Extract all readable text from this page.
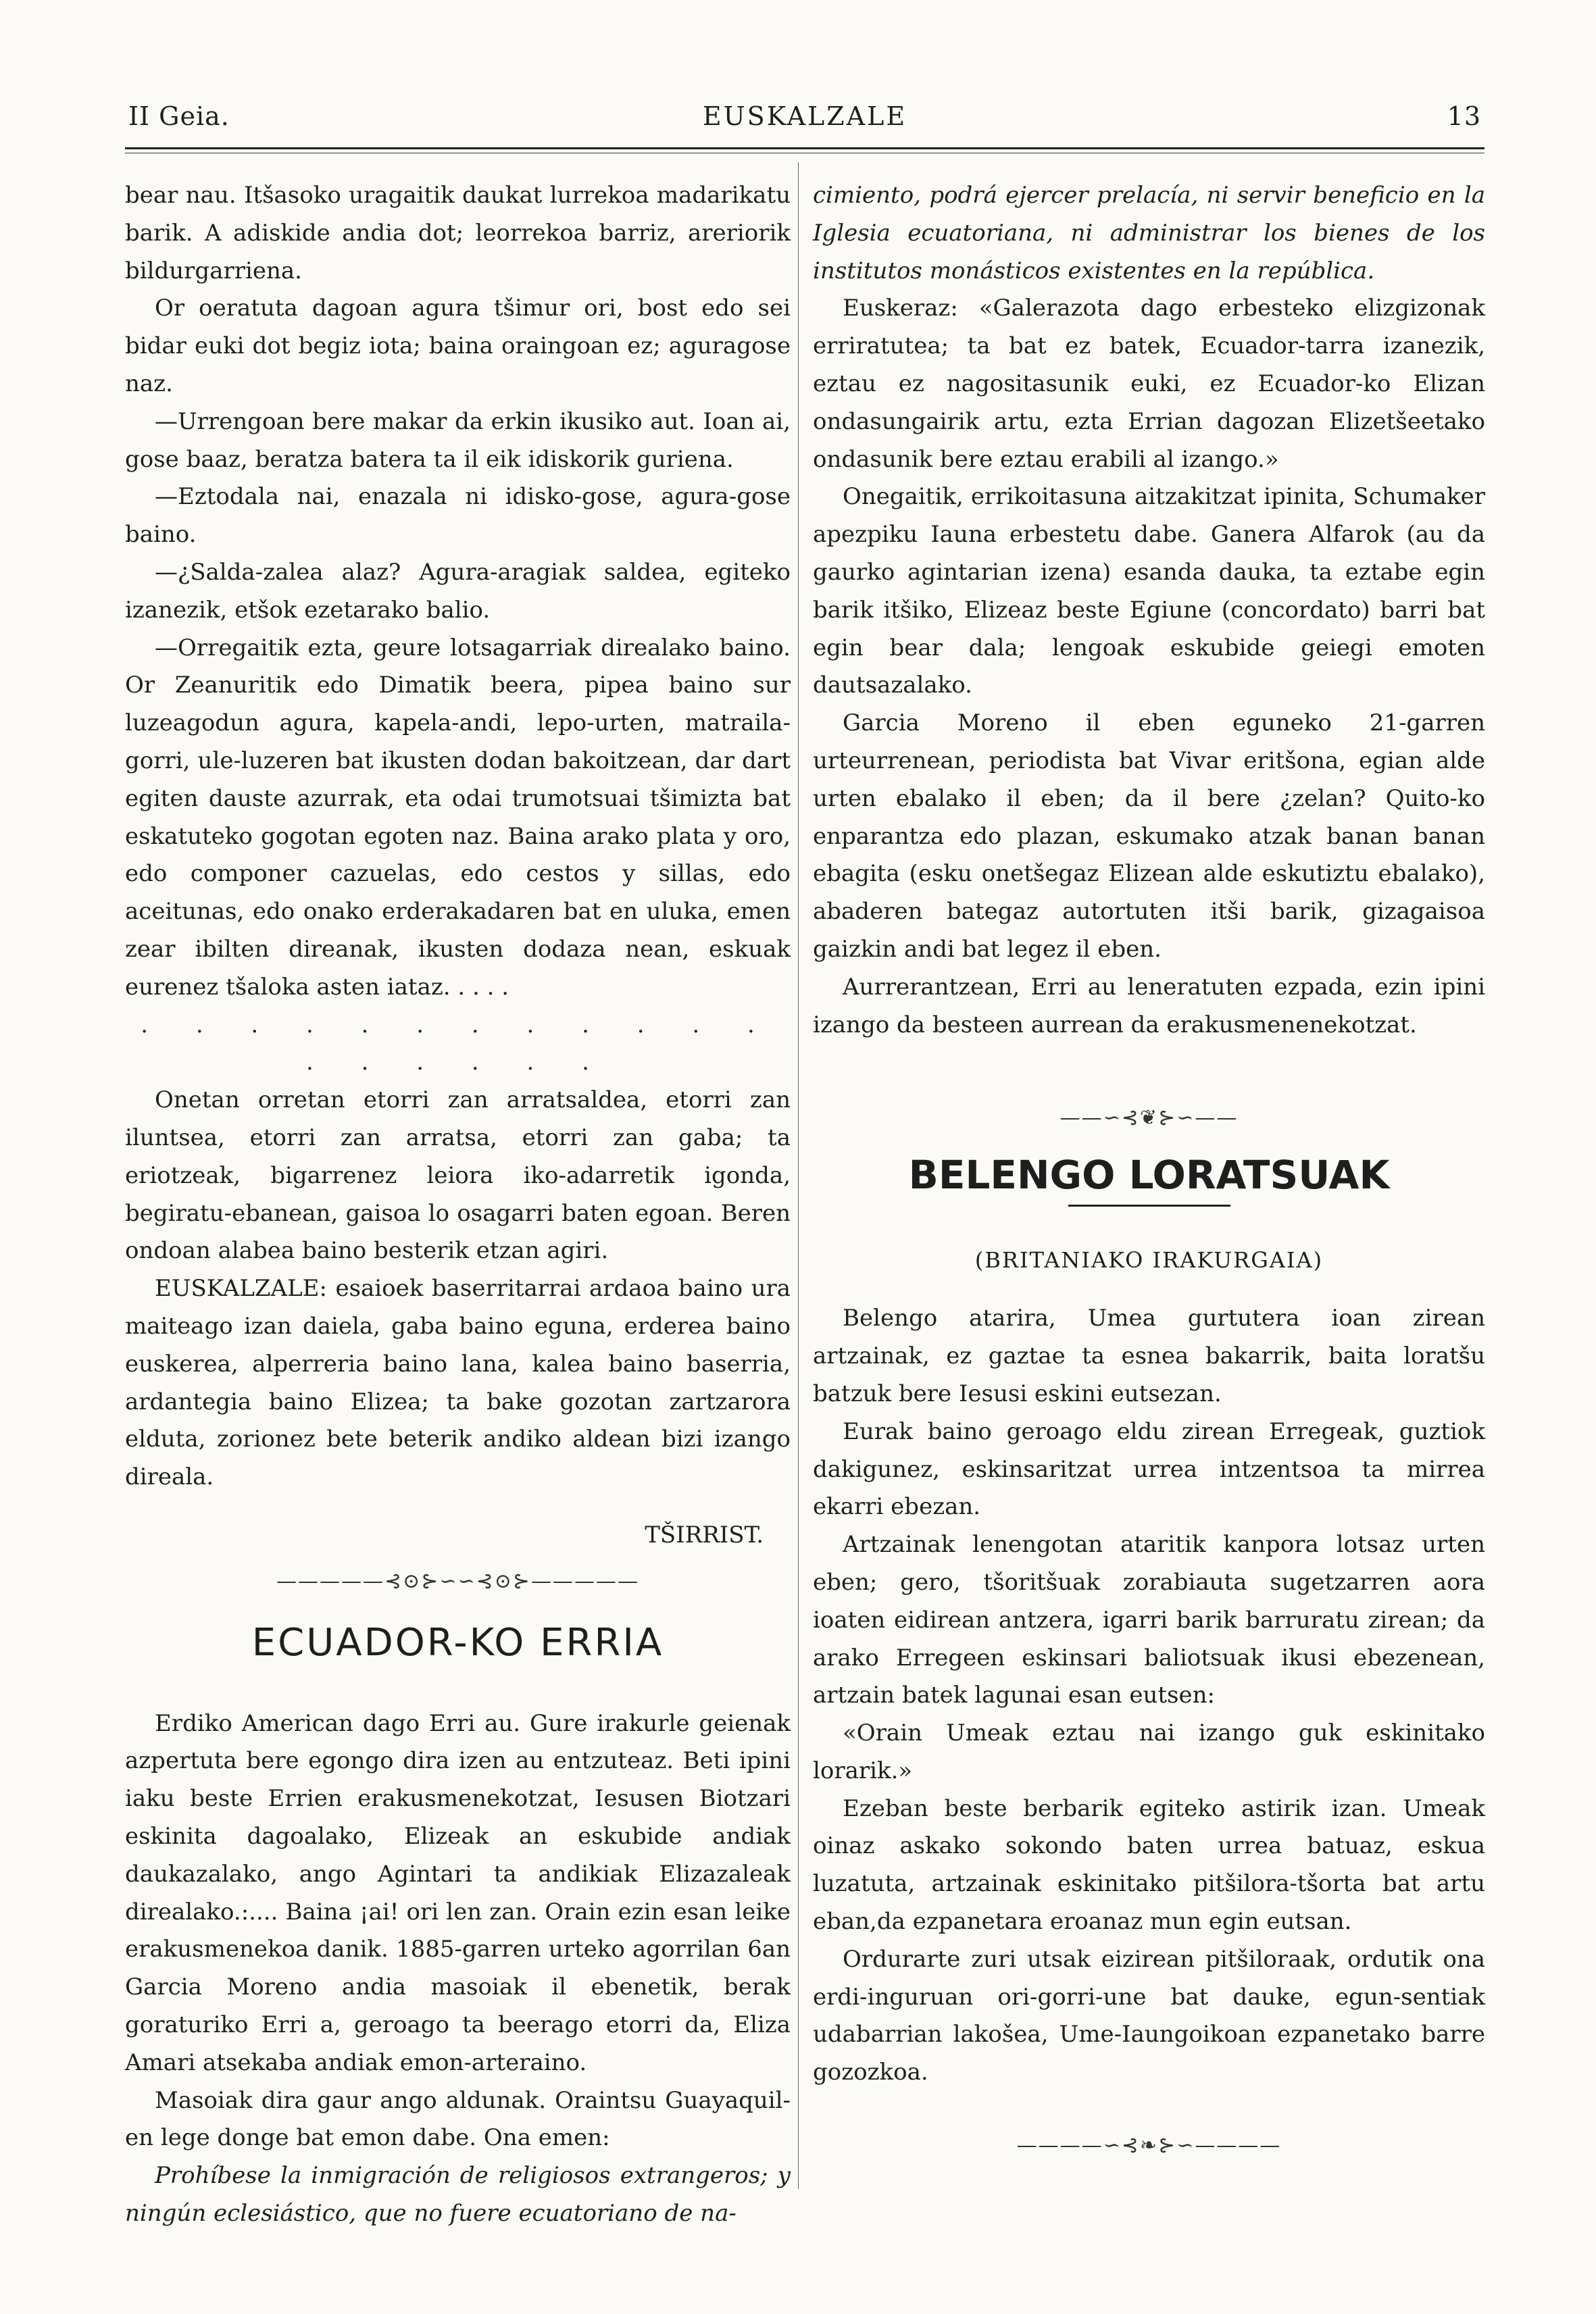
II Geia.	EUSKALZALE	13

bear nau. Itšasoko uragaitik daukat lurrekoa madarikatu barik. A adiskide andia dot; leorrekoa barriz, areriorik bildurgarriena.

Or oeratuta dagoan agura tšimur ori, bost edo sei bidar euki dot begiz iota; baina oraingoan ez; aguragose naz.

—Urrengoan bere makar da erkin ikusiko aut. Ioan ai, gose baaz, beratza batera ta il eik idiskorik guriena.

—Eztodala nai, enazala ni idisko-gose, agura-gose baino.

—¿Salda-zalea alaz? Agura-aragiak saldea, egiteko izanezik, etšok ezetarako balio.

—Orregaitik ezta, geure lotsagarriak direalako baino. Or Zeanuritik edo Dimatik beera, pipea baino sur luzeagodun agura, kapela-andi, lepo-urten, matraila-gorri, ule-luzeren bat ikusten dodan bakoitzean, dar dart egiten dauste azurrak, eta odai trumotsuai tšimizta bat eskatuteko gogotan egoten naz. Baina arako plata y oro, edo componer cazuelas, edo cestos y sillas, edo aceitunas, edo onako erderakadaren bat en uluka, emen zear ibilten direanak, ikusten dodaza nean, eskuak eurenez tšaloka asten iataz. . . . .

. . . . . . . . . . . . . . . . . .

Onetan orretan etorri zan arratsaldea, etorri zan iluntsea, etorri zan arratsa, etorri zan gaba; ta eriotzeak, bigarrenez leiora iko-adarretik igonda, begiratu-ebanean, gaisoa lo osagarri baten egoan. Beren ondoan alabea baino besterik etzan agiri.

EUSKALZALE: esaioek baserritarrai ardaoa baino ura maiteago izan daiela, gaba baino eguna, erderea baino euskerea, alperreria baino lana, kalea baino baserria, ardantegia baino Elizea; ta bake gozotan zartzarora elduta, zorionez bete beterik andiko aldean bizi izango direala.

TŠIRRIST.

—————⊰⊙⊱∽∽⊰⊙⊱—————
ECUADOR-KO ERRIA

Erdiko American dago Erri au. Gure irakurle geienak azpertuta bere egongo dira izen au entzuteaz. Beti ipini iaku beste Errien erakusmenekotzat, Iesusen Biotzari eskinita dagoalako, Elizeak an eskubide andiak daukazalako, ango Agintari ta andikiak Elizazaleak direalako.:.... Baina ¡ai! ori len zan. Orain ezin esan leike erakusmenekoa danik. 1885-garren urteko agorrilan 6an Garcia Moreno andia masoiak il ebenetik, berak goraturiko Erri a, geroago ta beerago etorri da, Eliza Amari atsekaba andiak emon-arteraino.

Masoiak dira gaur ango aldunak. Oraintsu Guayaquil-en lege donge bat emon dabe. Ona emen:

Prohíbese la inmigración de religiosos extrangeros; y ningún eclesiástico, que no fuere ecuatoriano de na-

cimiento, podrá ejercer prelacía, ni servir beneficio en la Iglesia ecuatoriana, ni administrar los bienes de los institutos monásticos existentes en la república.

Euskeraz: «Galerazota dago erbesteko elizgizonak erriratutea; ta bat ez batek, Ecuador-tarra izanezik, eztau ez nagositasunik euki, ez Ecuador-ko Elizan ondasungairik artu, ezta Errian dagozan Elizetšeetako ondasunik bere eztau erabili al izango.»

Onegaitik, errikoitasuna aitzakitzat ipinita, Schumaker apezpiku Iauna erbestetu dabe. Ganera Alfarok (au da gaurko agintarian izena) esanda dauka, ta eztabe egin barik itšiko, Elizeaz beste Egiune (concordato) barri bat egin bear dala; lengoak eskubide geiegi emoten dautsazalako.

Garcia Moreno il eben eguneko 21-garren urteurrenean, periodista bat Vivar eritšona, egian alde urten ebalako il eben; da il bere ¿zelan? Quito-ko enparantza edo plazan, eskumako atzak banan banan ebagita (esku onetšegaz Elizean alde eskutiztu ebalako), abaderen bategaz autortuten itši barik, gizagaisoa gaizkin andi bat legez il eben.

Aurrerantzean, Erri au leneratuten ezpada, ezin ipini izango da besteen aurrean da erakusmenenekotzat.

——∽⊰❦⊱∽——
BELENGO LORATSUAK
(BRITANIAKO IRAKURGAIA)

Belengo atarira, Umea gurtutera ioan zirean artzainak, ez gaztae ta esnea bakarrik, baita loratšu batzuk bere Iesusi eskini eutsezan.

Eurak baino geroago eldu zirean Erregeak, guztiok dakigunez, eskinsaritzat urrea intzentsoa ta mirrea ekarri ebezan.

Artzainak lenengotan ataritik kanpora lotsaz urten eben; gero, tšoritšuak zorabiauta sugetzarren aora ioaten eidirean antzera, igarri barik barruratu zirean; da arako Erregeen eskinsari baliotsuak ikusi ebezenean, artzain batek lagunai esan eutsen:

«Orain Umeak eztau nai izango guk eskinitako lorarik.»

Ezeban beste berbarik egiteko astirik izan. Umeak oinaz askako sokondo baten urrea batuaz, eskua luzatuta, artzainak eskinitako pitšilora-tšorta bat artu eban,da ezpanetara eroanaz mun egin eutsan.

Ordurarte zuri utsak eizirean pitšiloraak, ordutik ona erdi-inguruan ori-gorri-une bat dauke, egun-sentiak udabarrian lakošea, Ume-Iaungoikoan ezpanetako barre gozozkoa.

————∽⊰❧⊱∽————
